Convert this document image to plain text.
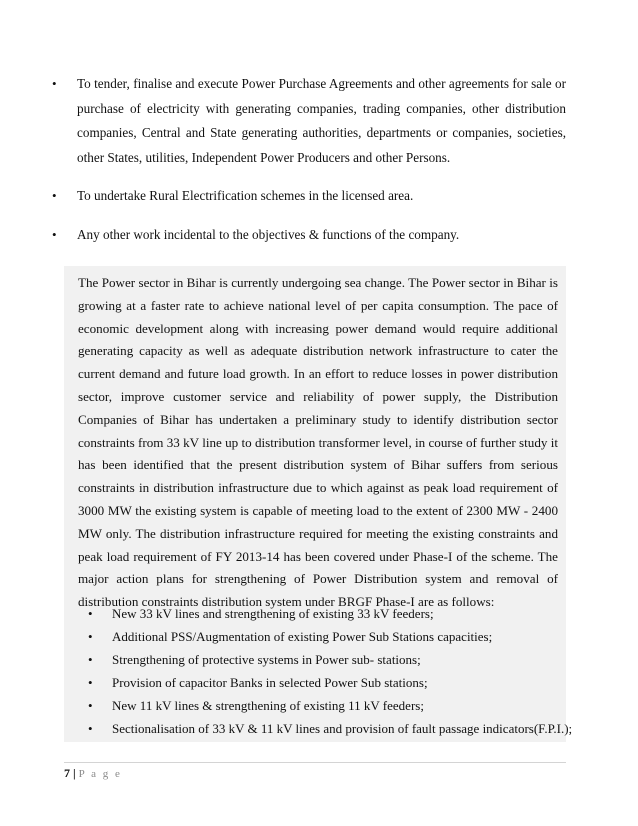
• To tender, finalise and execute Power Purchase Agreements and other agreements for sale or purchase of electricity with generating companies, trading companies, other distribution companies, Central and State generating authorities, departments or companies, societies, other States, utilities, Independent Power Producers and other Persons.
• To undertake Rural Electrification schemes in the licensed area.
• Any other work incidental to the objectives & functions of the company.
The Power sector in Bihar is currently undergoing sea change. The Power sector in Bihar is growing at a faster rate to achieve national level of per capita consumption. The pace of economic development along with increasing power demand would require additional generating capacity as well as adequate distribution network infrastructure to cater the current demand and future load growth. In an effort to reduce losses in power distribution sector, improve customer service and reliability of power supply, the Distribution Companies of Bihar has undertaken a preliminary study to identify distribution sector constraints from 33 kV line up to distribution transformer level, in course of further study it has been identified that the present distribution system of Bihar suffers from serious constraints in distribution infrastructure due to which against as peak load requirement of 3000 MW the existing system is capable of meeting load to the extent of 2300 MW - 2400 MW only. The distribution infrastructure required for meeting the existing constraints and peak load requirement of FY 2013-14 has been covered under Phase-I of the scheme. The major action plans for strengthening of Power Distribution system and removal of distribution constraints distribution system under BRGF Phase-I are as follows:
• New 33 kV lines and strengthening of existing 33 kV feeders;
• Additional PSS/Augmentation of existing Power Sub Stations capacities;
• Strengthening of protective systems in Power sub- stations;
• Provision of capacitor Banks in selected Power Sub stations;
• New 11 kV lines & strengthening of existing 11 kV feeders;
• Sectionalisation of 33 kV & 11 kV lines and provision of fault passage indicators(F.P.I.);
7 | P a g e
